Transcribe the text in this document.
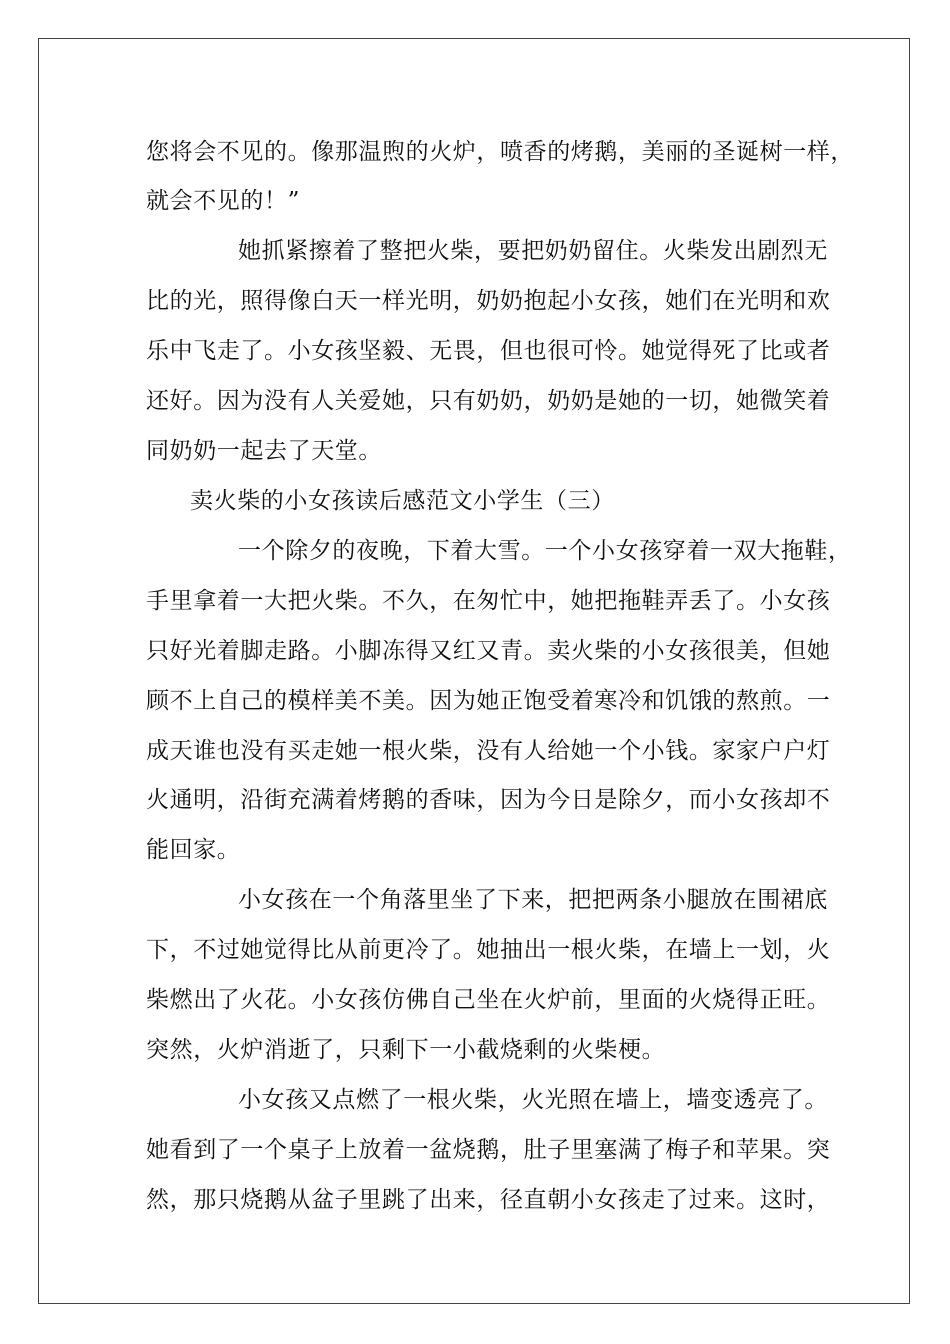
您将会不见的。像那温煦的火炉，喷香的烤鹅，美丽的圣诞树一样，
就会不见的！”
她抓紧擦着了整把火柴，要把奶奶留住。火柴发出剧烈无
比的光，照得像白天一样光明，奶奶抱起小女孩，她们在光明和欢
乐中飞走了。小女孩坚毅、无畏，但也很可怜。她觉得死了比或者
还好。因为没有人关爱她，只有奶奶，奶奶是她的一切，她微笑着
同奶奶一起去了天堂。
卖火柴的小女孩读后感范文小学生（三）
一个除夕的夜晚，下着大雪。一个小女孩穿着一双大拖鞋，
手里拿着一大把火柴。不久，在匆忙中，她把拖鞋弄丢了。小女孩
只好光着脚走路。小脚冻得又红又青。卖火柴的小女孩很美，但她
顾不上自己的模样美不美。因为她正饱受着寒冷和饥饿的熬煎。一
成天谁也没有买走她一根火柴，没有人给她一个小钱。家家户户灯
火通明，沿街充满着烤鹅的香味，因为今日是除夕，而小女孩却不
能回家。
小女孩在一个角落里坐了下来，把把两条小腿放在围裙底
下，不过她觉得比从前更冷了。她抽出一根火柴，在墙上一划，火
柴燃出了火花。小女孩仿佛自己坐在火炉前，里面的火烧得正旺。
突然，火炉消逝了，只剩下一小截烧剩的火柴梗。
小女孩又点燃了一根火柴，火光照在墙上，墙变透亮了。
她看到了一个桌子上放着一盆烧鹅，肚子里塞满了梅子和苹果。突
然，那只烧鹅从盆子里跳了出来，径直朝小女孩走了过来。这时，
